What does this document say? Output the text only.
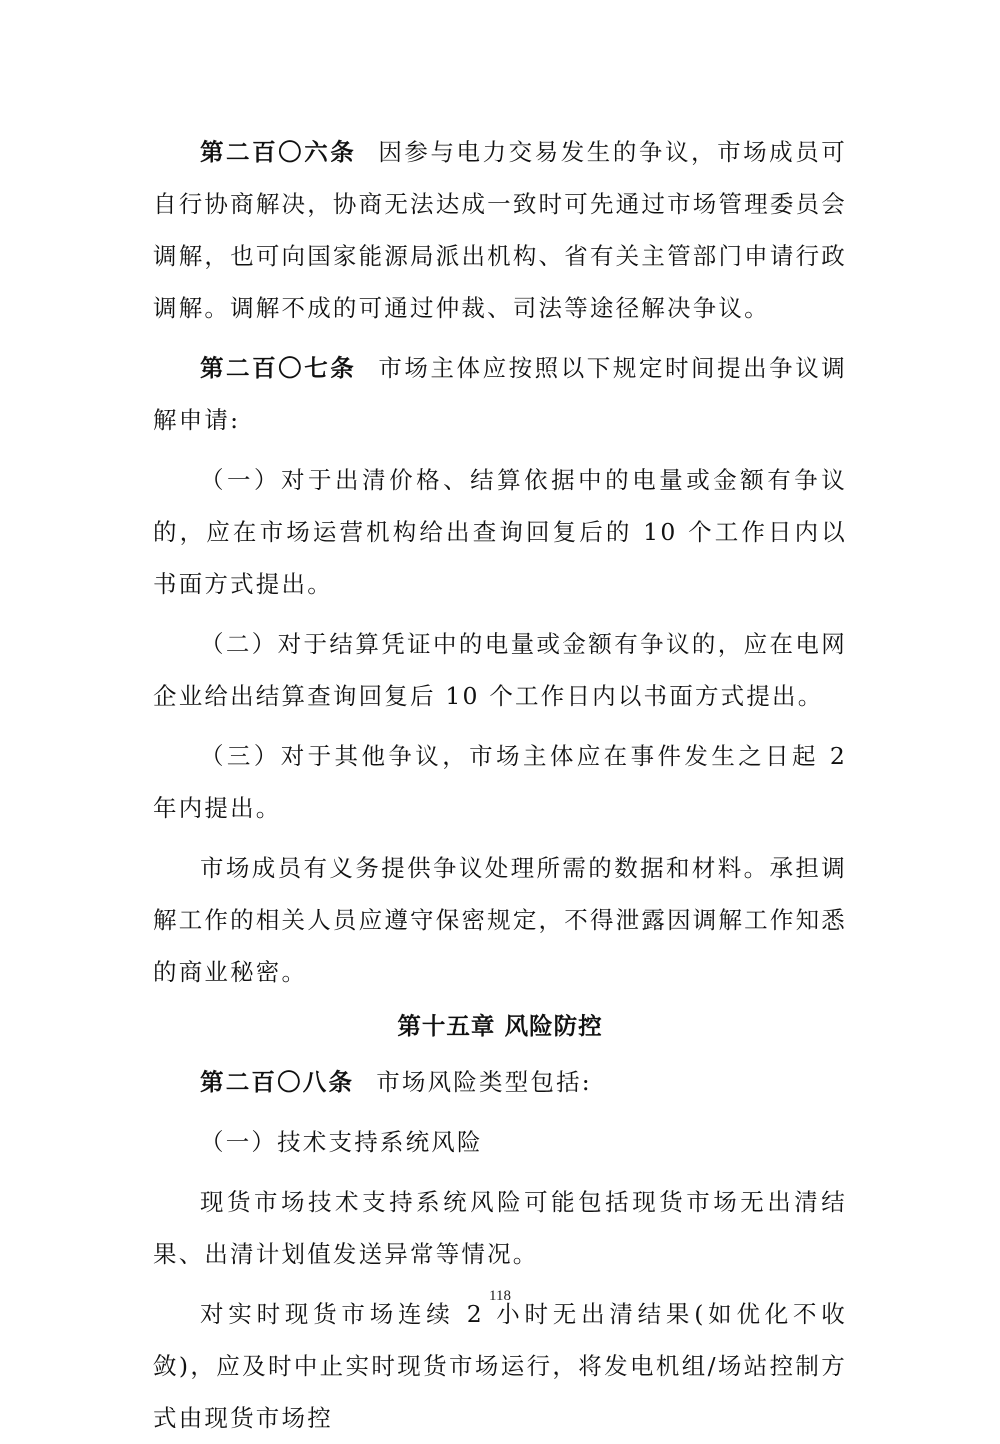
第二百〇六条 因参与电力交易发生的争议，市场成员可自行协商解决，协商无法达成一致时可先通过市场管理委员会调解，也可向国家能源局派出机构、省有关主管部门申请行政调解。调解不成的可通过仲裁、司法等途径解决争议。

第二百〇七条 市场主体应按照以下规定时间提出争议调解申请:

（一）对于出清价格、结算依据中的电量或金额有争议的，应在市场运营机构给出查询回复后的 10 个工作日内以书面方式提出。

（二）对于结算凭证中的电量或金额有争议的，应在电网企业给出结算查询回复后 10 个工作日内以书面方式提出。

（三）对于其他争议，市场主体应在事件发生之日起 2 年内提出。

市场成员有义务提供争议处理所需的数据和材料。承担调解工作的相关人员应遵守保密规定，不得泄露因调解工作知悉的商业秘密。

第十五章 风险防控

第二百〇八条 市场风险类型包括:

（一）技术支持系统风险

现货市场技术支持系统风险可能包括现货市场无出清结果、出清计划值发送异常等情况。

对实时现货市场连续 2 小时无出清结果(如优化不收敛)，应及时中止实时现货市场运行，将发电机组/场站控制方式由现货市场控

118
